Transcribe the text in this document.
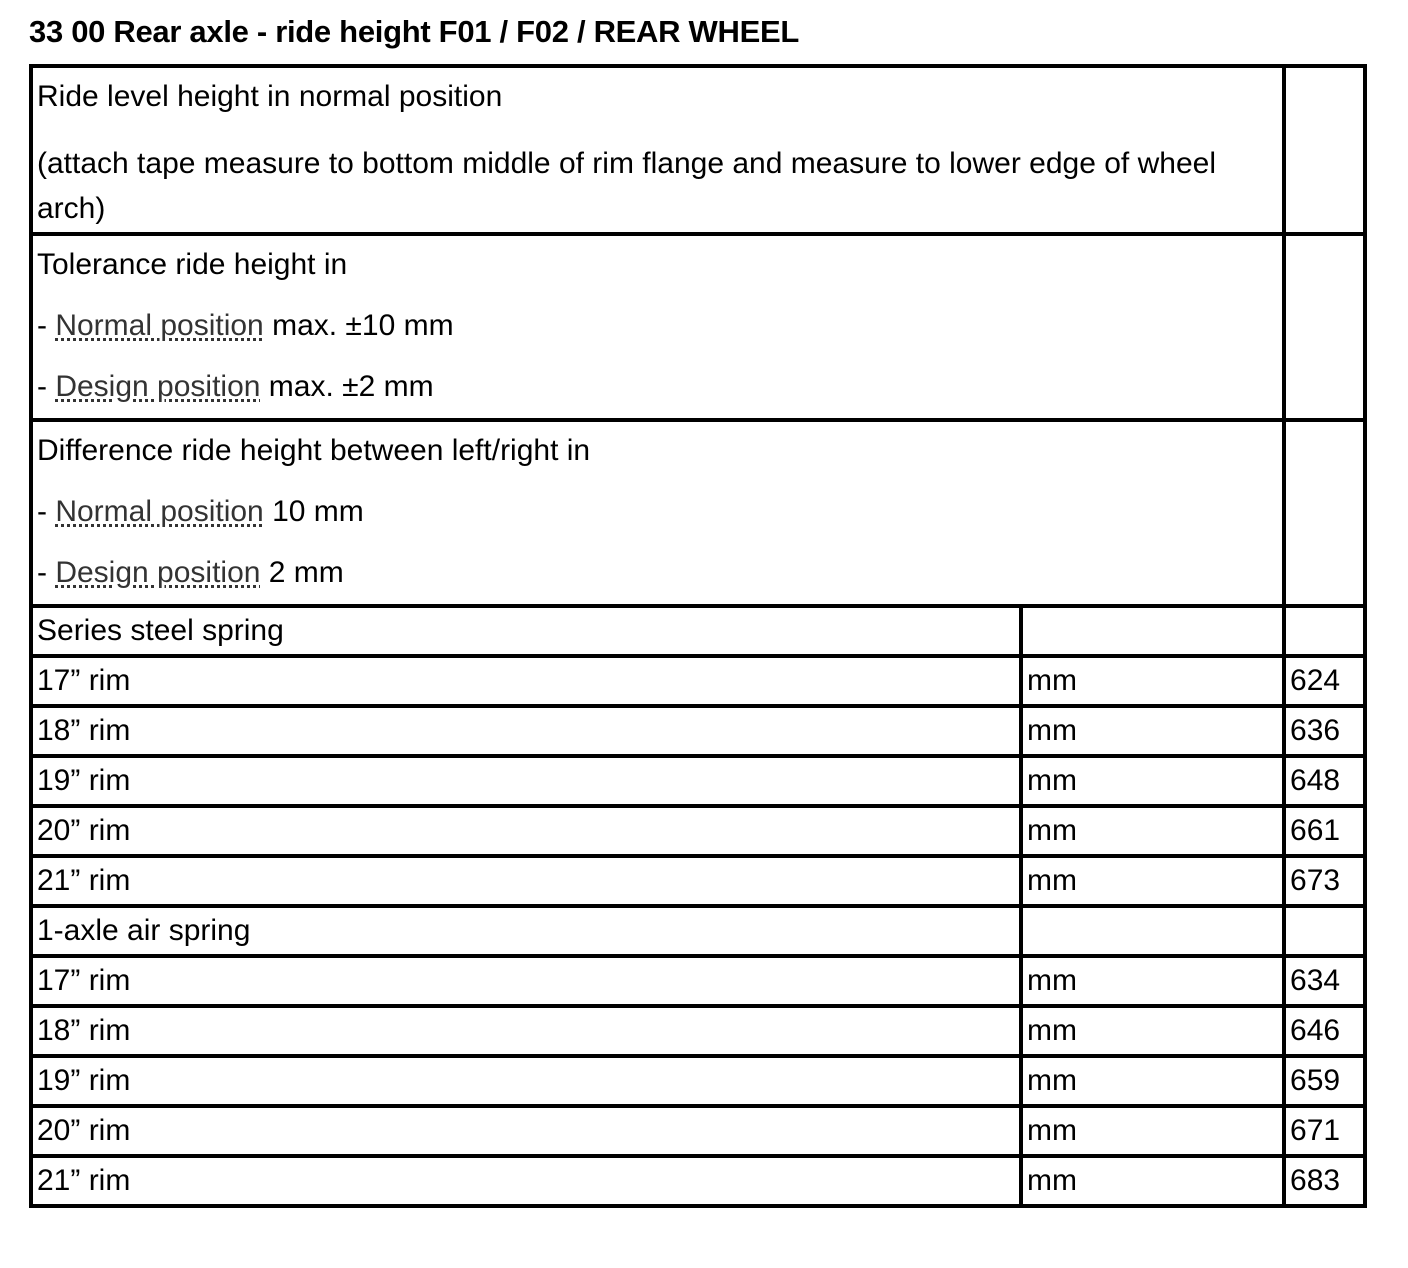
33 00 Rear axle - ride height F01 / F02 / REAR WHEEL
Ride level height in normal position
(attach tape measure to bottom middle of rim flange and measure to lower edge of wheel arch)		

Tolerance ride height in
- Normal position max. ±10 mm
- Design position max. ±2 mm		

Difference ride height between left/right in
- Normal position 10 mm
- Design position 2 mm		

Series steel spring		
17” rim	mm	624
18” rim	mm	636
19” rim	mm	648
20” rim	mm	661
21” rim	mm	673
1-axle air spring		
17” rim	mm	634
18” rim	mm	646
19” rim	mm	659
20” rim	mm	671
21” rim	mm	683
